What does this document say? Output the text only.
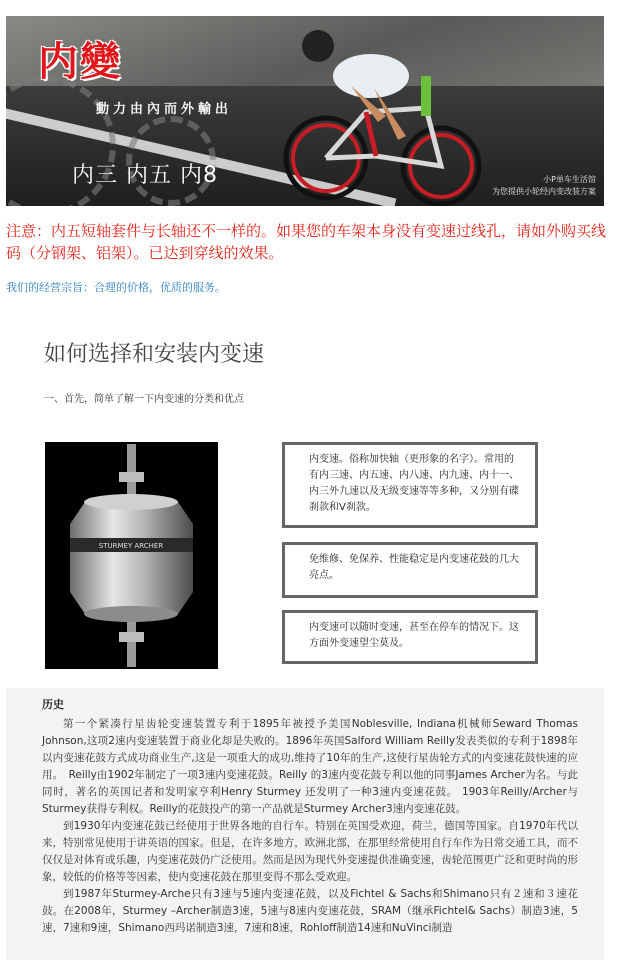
内變
動力由內而外輸出
内三 内五 内8	小P单车生活馆
为您提供小轮经内变改装方案
注意：内五短轴套件与长轴还不一样的。如果您的车架本身没有变速过线孔，请如外购买线码（分钢架、铝架）。已达到穿线的效果。
我们的经营宗旨：合理的价格，优质的服务。
如何选择和安装内变速
一、首先，简单了解一下内变速的分类和优点
STURMEY ARCHER
内变速。俗称加快轴（更形象的名字）。常用的有内三速、内五速、内八速、内九速、内十一、内三外九速以及无级变速等等多种，又分别有碟刹款和V刹款。
免维修、免保养、性能稳定是内变速花鼓的几大亮点。
内变速可以随时变速，甚至在停车的情况下。这方面外变速望尘莫及。
历史

第一个紧凑行星齿轮变速装置专利于1895年被授予美国Noblesville, Indiana机械师Seward Thomas Johnson,这项2速内变速装置于商业化却是失败的。1896年英国Salford William Reilly发表类似的专利于1898年以内变速花鼓方式成功商业生产,这是一项重大的成功,维持了10年的生产,这使行星齿轮方式的内变速花鼓快速的应用。　Reilly由1902年制定了一项3速内变速花鼓。Reilly 的3速内变花鼓专利以他的同事James Archer为名。与此同时，著名的英国记者和发明家亨利Henry Sturmey 还发明了一种3速内变速花鼓。 1903年Reilly/Archer与Sturmey获得专利权。Reilly的花鼓投产的第一产品就是Sturmey Archer3速内变速花鼓。

到1930年内变速花鼓已经使用于世界各地的自行车。特别在英国受欢迎，荷兰，德国等国家。自1970年代以来，特别常见使用于讲英语的国家。但是，在许多地方，欧洲北部，在那里经常使用自行车作为日常交通工具，而不仅仅是对体育或乐趣，内变速花鼓仍广泛使用。然而是因为现代外变速提供准确变速，齿轮范围更广泛和更时尚的形象，较低的价格等等因素，使内变速花鼓在那里变得不那么受欢迎。

到1987年Sturmey-Arche只有3速与5速内变速花鼓，以及Fichtel & Sachs和Shimano只有２速和３速花鼓。在2008年，Sturmey –Archer制造3速，5速与8速内变速花鼓，SRAM（继承Fichtel& Sachs）制造3速，5速，7速和9速，Shimano西玛诺制造3速，7速和8速，Rohloff制造14速和NuVinci制造
